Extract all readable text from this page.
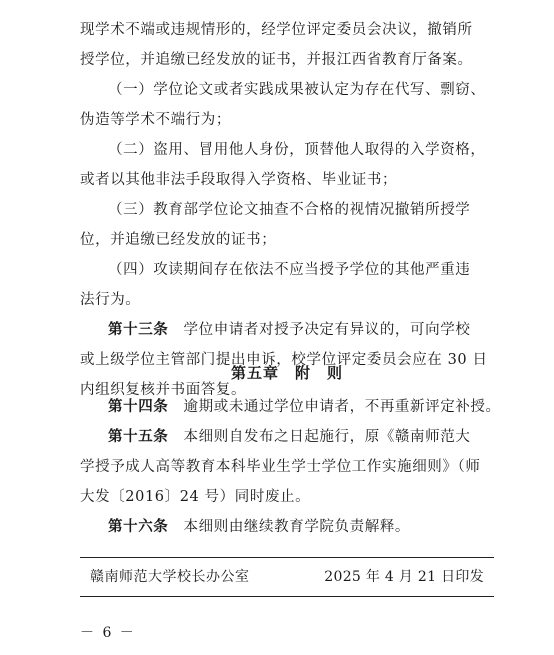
现学术不端或违规情形的，经学位评定委员会决议，撤销所
授学位，并追缴已经发放的证书，并报江西省教育厅备案。
（一）学位论文或者实践成果被认定为存在代写、剽窃、
伪造等学术不端行为；
（二）盗用、冒用他人身份，顶替他人取得的入学资格，
或者以其他非法手段取得入学资格、毕业证书；
（三）教育部学位论文抽查不合格的视情况撤销所授学
位，并追缴已经发放的证书；
（四）攻读期间存在依法不应当授予学位的其他严重违
法行为。
第十三条　 学位申请者对授予决定有异议的，可向学校
或上级学位主管部门提出申诉，校学位评定委员会应在 30 日
内组织复核并书面答复。
第五章　附　则
第十四条　 逾期或未通过学位申请者，不再重新评定补授。
第十五条　 本细则自发布之日起施行，原《赣南师范大
学授予成人高等教育本科毕业生学士学位工作实施细则》（师
大发〔2016〕24 号）同时废止。
第十六条　 本细则由继续教育学院负责解释。
赣南师范大学校长办公室	2025 年 4 月 21 日印发
－ 6 －
